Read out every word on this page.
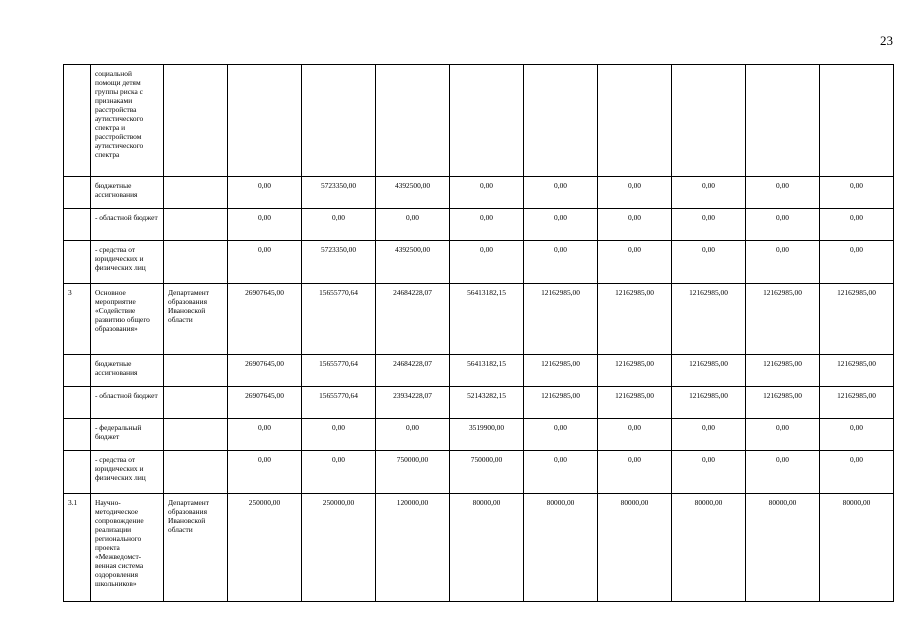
23
	социальной помощи детям группы риска с признаками расстройства аутистического спектра и расстройством аутистического спектра										
	бюджетные ассигнования		0,00	5723350,00	4392500,00	0,00	0,00	0,00	0,00	0,00	0,00
	- областной бюджет		0,00	0,00	0,00	0,00	0,00	0,00	0,00	0,00	0,00
	- средства от юридических и физических лиц		0,00	5723350,00	4392500,00	0,00	0,00	0,00	0,00	0,00	0,00
3	Основное мероприятие «Содействие развитию общего образования»	Департамент образования Ивановской области	26907645,00	15655770,64	24684228,07	56413182,15	12162985,00	12162985,00	12162985,00	12162985,00	12162985,00
	бюджетные ассигнования		26907645,00	15655770,64	24684228,07	56413182,15	12162985,00	12162985,00	12162985,00	12162985,00	12162985,00
	- областной бюджет		26907645,00	15655770,64	23934228,07	52143282,15	12162985,00	12162985,00	12162985,00	12162985,00	12162985,00
	- федеральный бюджет		0,00	0,00	0,00	3519900,00	0,00	0,00	0,00	0,00	0,00
	- средства от юридических и физических лиц		0,00	0,00	750000,00	750000,00	0,00	0,00	0,00	0,00	0,00
3.1	Научно-методическое сопровождение реализации регионального проекта «Межведомст-венная система оздоровления школьников»	Департамент образования Ивановской области	250000,00	250000,00	120000,00	80000,00	80000,00	80000,00	80000,00	80000,00	80000,00
